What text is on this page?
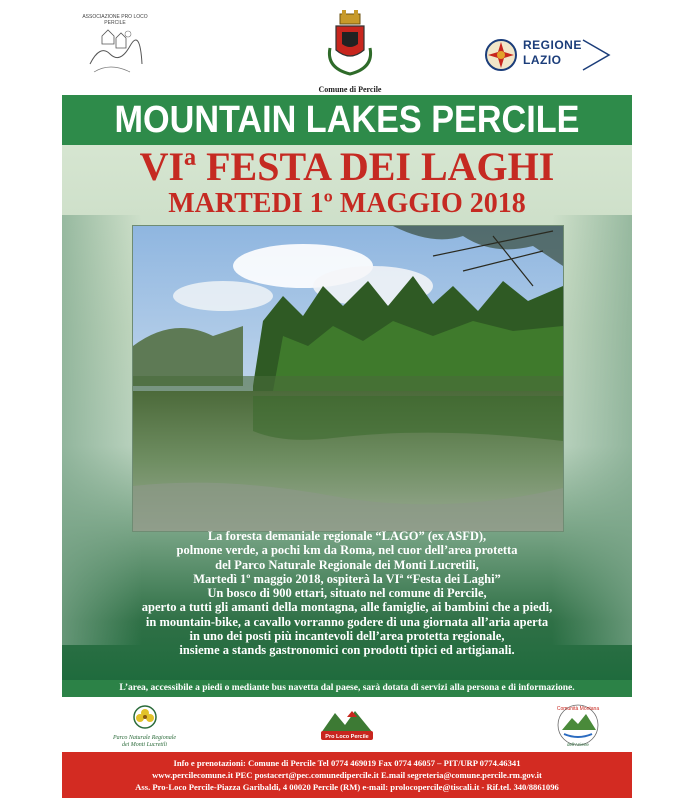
ASSOCIAZIONE PRO LOCO PERCILE
Comune di Percile
REGIONE
LAZIO
MOUNTAIN LAKES PERCILE
VIª FESTA DEI LAGHI
MARTEDI 1º MAGGIO 2018

La foresta demaniale regionale “LAGO” (ex ASFD),

polmone verde, a pochi km da Roma, nel cuor dell’area protetta

del Parco Naturale Regionale dei Monti Lucretili,

Martedì 1º maggio 2018, ospiterà la VIª “Festa dei Laghi”

Un bosco di 900 ettari, situato nel comune di Percile,

aperto a tutti gli amanti della montagna, alle famiglie, ai bambini che a piedi,

in mountain-bike, a cavallo vorranno godere di una giornata all’aria aperta

in uno dei posti più incantevoli dell’area protetta regionale,

insieme a stands gastronomici con prodotti tipici ed artigianali.

L’area, accessibile a piedi o mediante bus navetta dal paese, sarà dotata di servizi alla persona e di informazione.
Parco Naturale Regionale
dei Monti Lucretili
Pro Loco Percile
Comunità Montana
dell'Aniene

Info e prenotazioni: Comune di Percile Tel 0774 469019 Fax 0774 46057 – PIT/URP 0774.46341

www.percilecomune.it PEC postacert@pec.comunedipercile.it E.mail segreteria@comune.percile.rm.gov.it

Ass. Pro-Loco Percile-Piazza Garibaldi, 4 00020 Percile (RM) e-mail: prolocopercile@tiscali.it - Rif.tel. 340/8861096
